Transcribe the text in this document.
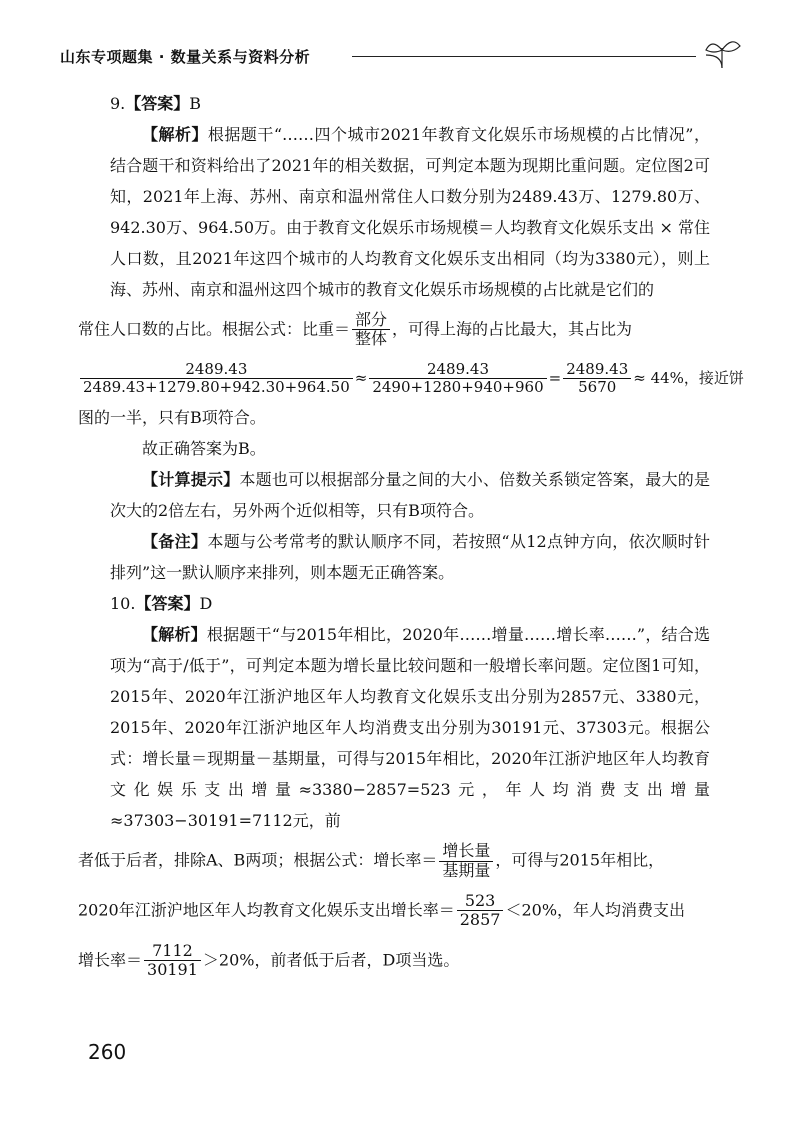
山东专项题集 · 数量关系与资料分析
9.【答案】B

【解析】根据题干“……四个城市2021年教育文化娱乐市场规模的占比情况”，结合题干和资料给出了2021年的相关数据，可判定本题为现期比重问题。定位图2可知，2021年上海、苏州、南京和温州常住人口数分别为2489.43万、1279.80万、942.30万、964.50万。由于教育文化娱乐市场规模＝人均教育文化娱乐支出 × 常住人口数，且2021年这四个城市的人均教育文化娱乐支出相同（均为3380元），则上海、苏州、南京和温州这四个城市的教育文化娱乐市场规模的占比就是它们的

常住人口数的占比。根据公式：比重＝ $\frac{\text{部分}}{\text{整体}}$ ，可得上海的占比最大，其占比为
$\frac{2489.43}{2489.43+1279.80+942.30+964.50} \approx \frac{2489.43}{2490+1280+940+960} = \frac{2489.43}{5670} \approx 44\%$，接近饼
图的一半，只有B项符合。
故正确答案为B。

【计算提示】本题也可以根据部分量之间的大小、倍数关系锁定答案，最大的是次大的2倍左右，另外两个近似相等，只有B项符合。

【备注】本题与公考常考的默认顺序不同，若按照“从12点钟方向，依次顺时针排列”这一默认顺序来排列，则本题无正确答案。

10.【答案】D

【解析】根据题干“与2015年相比，2020年……增量……增长率……”，结合选项为“高于/低于”，可判定本题为增长量比较问题和一般增长率问题。定位图1可知，2015年、2020年江浙沪地区年人均教育文化娱乐支出分别为2857元、3380元，2015年、2020年江浙沪地区年人均消费支出分别为30191元、37303元。根据公式：增长量＝现期量－基期量，可得与2015年相比，2020年江浙沪地区年人均教育文化娱乐支出增量≈3380−2857=523元，年人均消费支出增量≈37303−30191=7112元，前

者低于后者，排除A、B两项；根据公式：增长率＝ $\frac{\text{增长量}}{\text{基期量}}$ ，可得与2015年相比，
2020年江浙沪地区年人均教育文化娱乐支出增长率＝ $\frac{523}{2857} <20\%$，年人均消费支出
增长率＝ $\frac{7112}{30191} >20\%$，前者低于后者，D项当选。
260
